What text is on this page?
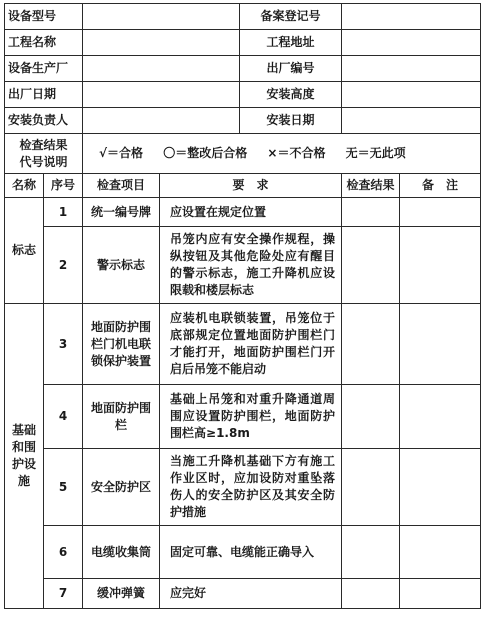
设备型号				备案登记号		
工程名称				工程地址		
设备生产厂				出厂编号		
出厂日期				安装高度		
安装负责人				安装日期		
检查结果
代号说明		√＝合格 〇＝整改后合格 ×＝不合格 无＝无此项				
名称	序号	检查项目	要　求		检查结果	备　注
标志	1	统一编号牌	应设置在规定位置			
	2	警示标志	吊笼内应有安全操作规程，操纵按钮及其他危险处应有醒目的警示标志，施工升降机应设限载和楼层标志			
基础
和围
护设
施	3	地面防护围栏门机电联锁保护装置	应装机电联锁装置，吊笼位于底部规定位置地面防护围栏门才能打开，地面防护围栏门开启后吊笼不能启动			
	4	地面防护围栏	基础上吊笼和对重升降通道周围应设置防护围栏，地面防护围栏高≥1.8m			
	5	安全防护区	当施工升降机基础下方有施工作业区时，应加设防对重坠落伤人的安全防护区及其安全防护措施			
	6	电缆收集筒	固定可靠、电缆能正确导入			
	7	缓冲弹簧	应完好			
